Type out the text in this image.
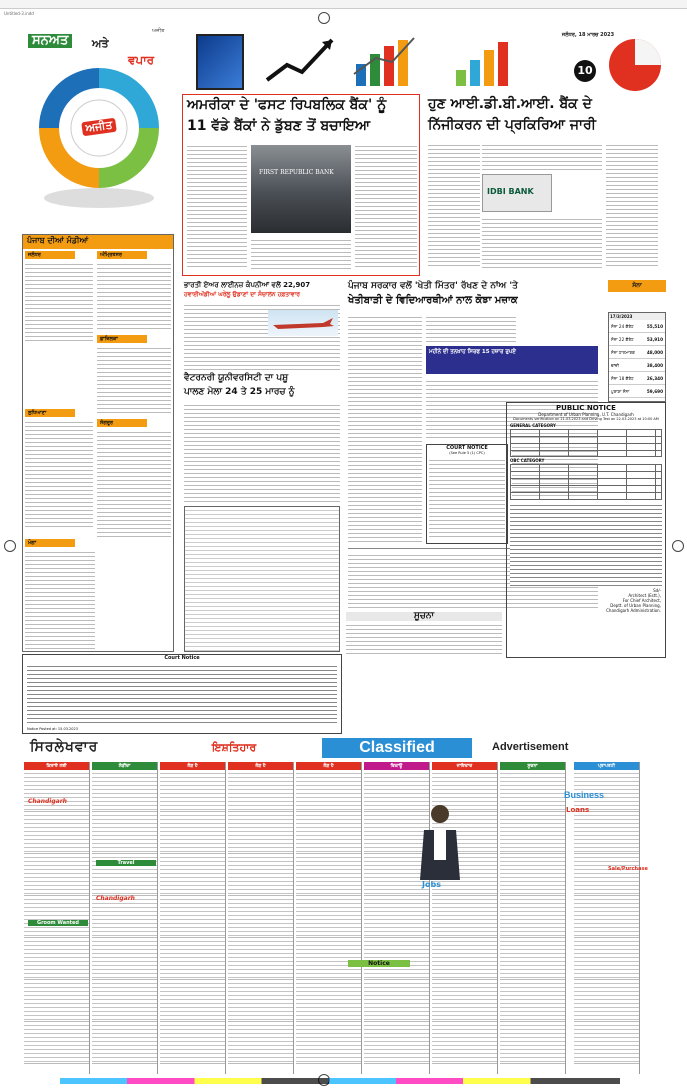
Untitled-3.indd
ਸਨਅਤ	ਅਤੇ
ਵਪਾਰ
ਅਜੀਤ
ਅਜੀਤ
ਜਲੰਧਰ, 18 ਮਾਰਚ 2023
10
ਅਮਰੀਕਾ ਦੇ 'ਫਸਟ ਰਿਪਬਲਿਕ ਬੈਂਕ' ਨੂੰ
11 ਵੱਡੇ ਬੈਂਕਾਂ ਨੇ ਡੁੱਬਣ ਤੋਂ ਬਚਾਇਆ
FIRST REPUBLIC BANK
ਹੁਣ ਆਈ.ਡੀ.ਬੀ.ਆਈ. ਬੈਂਕ ਦੇ
ਨਿੱਜੀਕਰਨ ਦੀ ਪ੍ਰਕਿਰਿਆ ਜਾਰੀ
IDBI BANK
ਪੰਜਾਬ ਦੀਆਂ ਮੰਡੀਆਂ
ਜਲੰਧਰ	ਅੰਮ੍ਰਿਤਸਰ
ਫ਼ਾਜ਼ਿਲਕਾ
ਲੁਧਿਆਣਾ
ਸੰਗਰੂਰ
ਮੋਗਾ
ਭਾਰਤੀ ਏਅਰ ਲਾਈਨਜ਼ ਕੰਪਨੀਆਂ ਵਲੋਂ 22,907
ਹਵਾਈਅੱਡੀਆਂ ਘਰੇਲੂ ਉਡਾਣਾਂ ਦਾ ਸੰਚਾਲਨ ਹਫ਼ਤਾਵਾਰ
ਵੈਟਰਨਰੀ ਯੂਨੀਵਰਸਿਟੀ ਦਾ ਪਸ਼ੂ
ਪਾਲਣ ਮੇਲਾ 24 ਤੇ 25 ਮਾਰਚ ਨੂੰ
ਪੰਜਾਬ ਸਰਕਾਰ ਵਲੋਂ 'ਖੇਤੀ ਮਿੱਤਰ' ਰੱਖਣ ਦੇ ਨਾਂਅ 'ਤੇ
ਖੇਤੀਬਾੜੀ ਦੇ ਵਿਦਿਆਰਥੀਆਂ ਨਾਲ ਕੋਝਾ ਮਜ਼ਾਕ
ਮਹੀਨੇ ਦੀ ਤਨਖ਼ਾਹ ਸਿਰਫ 15 ਹਜ਼ਾਰ ਰੁਪਏ
COURT NOTICE
(See Rule 5 (1) CPC)
ਸੋਨਾ
17/3/2023
ਸੋਨਾ 24 ਕੈਰੇਟ	55,510
ਸੋਨਾ 22 ਕੈਰੇਟ	53,910
ਸੋਨਾ ਹਾਲਮਾਰਕ	48,000
ਚਾਂਦੀ	38,400
ਸੋਨਾ 18 ਕੈਰੇਟ	26,340
ਪੁਰਾਣਾ ਸੋਨਾ	59,690
PUBLIC NOTICE
Department of Urban Planning, U.T. Chandigarh
Documents verification on 21.03.2023 and Driving Test on 22.03.2023 at 10:00 AM
GENERAL CATEGORY
OBC CATEGORY
Sd/-
Architect (Estt.),
For Chief Architect,
Deptt. of Urban Planning,
Chandigarh Administration.
ਸੂਚਨਾ
Court Notice
Notice Posted at: 15.03.2023
ਸਿਰਲੇਖਵਾਰ	ਇਸ਼ਤਿਹਾਰ	Classified	Advertisement
ਕਿਰਾਏ ਲਈ	ਲੋੜੀਂਦਾ	ਲੋੜ ਹੈ	ਲੋੜ ਹੈ	ਲੋੜ ਹੈ	ਵਿਕਾਊ	ਜਾਇਦਾਦ	ਸੂਚਨਾ	ਪ੍ਰਾਪਰਟੀ
Chandigarh
Chandigarh
Groom Wanted
Travel
Notice
Jobs
Business
Loans
Sale/Purchase
